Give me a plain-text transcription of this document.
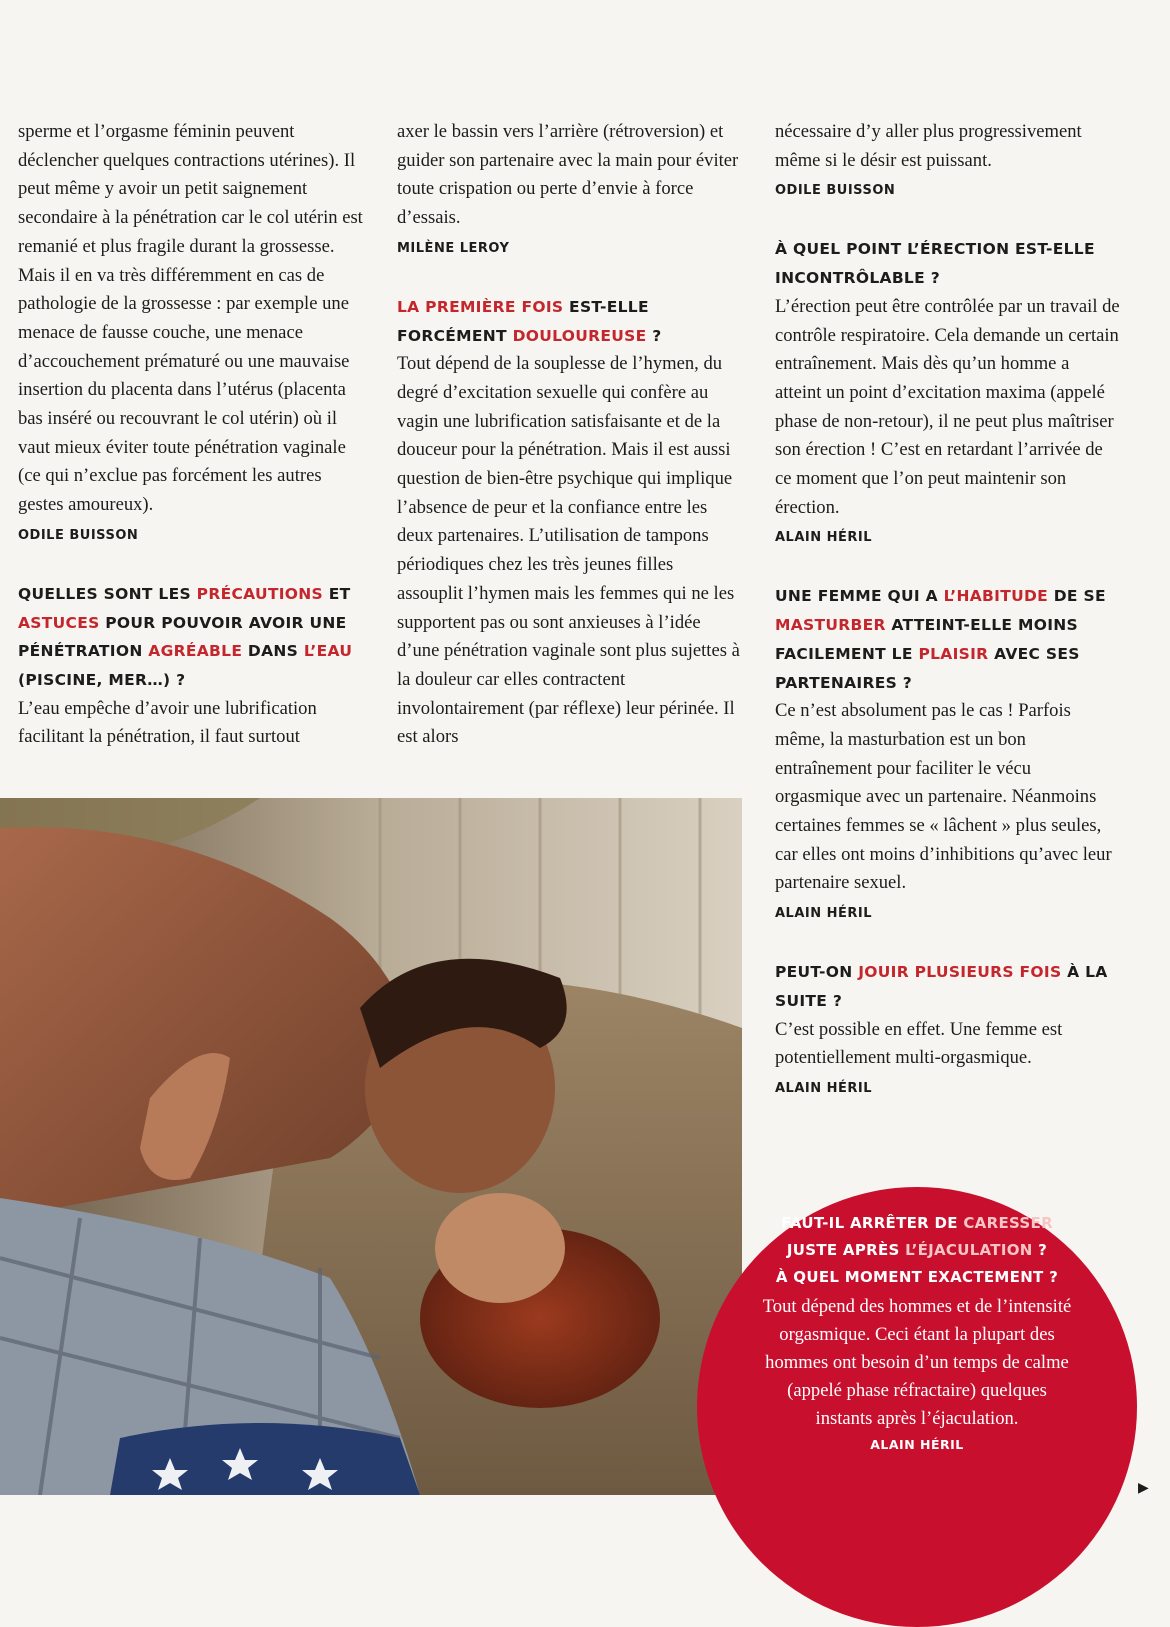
sperme et l’orgasme féminin peuvent déclencher quelques contractions utérines). Il peut même y avoir un petit saignement secondaire à la pénétration car le col utérin est remanié et plus fragile durant la grossesse. Mais il en va très différemment en cas de pathologie de la grossesse : par exemple une menace de fausse couche, une menace d’accouchement prématuré ou une mauvaise insertion du placenta dans l’utérus (placenta bas inséré ou recouvrant le col utérin) où il vaut mieux éviter toute pénétration vaginale (ce qui n’exclue pas forcément les autres gestes amoureux).

ODILE BUISSON

QUELLES SONT LES PRÉCAUTIONS ET ASTUCES POUR POUVOIR AVOIR UNE PÉNÉTRATION AGRÉABLE DANS L’EAU (PISCINE, MER…) ?

L’eau empêche d’avoir une lubrification facilitant la pénétration, il faut surtout

axer le bassin vers l’arrière (rétroversion) et guider son partenaire avec la main pour éviter toute crispation ou perte d’envie à force d’essais.

MILÈNE LEROY

LA PREMIÈRE FOIS EST-ELLE FORCÉMENT DOULOUREUSE ?

Tout dépend de la souplesse de l’hymen, du degré d’excitation sexuelle qui confère au vagin une lubrification satisfaisante et de la douceur pour la pénétration. Mais il est aussi question de bien-être psychique qui implique l’absence de peur et la confiance entre les deux partenaires. L’utilisation de tampons périodiques chez les très jeunes filles assouplit l’hymen mais les femmes qui ne les supportent pas ou sont anxieuses à l’idée d’une pénétration vaginale sont plus sujettes à la douleur car elles contractent involontairement (par réflexe) leur périnée. Il est alors

nécessaire d’y aller plus progressivement même si le désir est puissant.

ODILE BUISSON

À QUEL POINT L’ÉRECTION EST-ELLE INCONTRÔLABLE ?

L’érection peut être contrôlée par un travail de contrôle respiratoire. Cela demande un certain entraînement. Mais dès qu’un homme a atteint un point d’excitation maxima (appelé phase de non-retour), il ne peut plus maîtriser son érection ! C’est en retardant l’arrivée de ce moment que l’on peut maintenir son érection.

ALAIN HÉRIL

UNE FEMME QUI A L’HABITUDE DE SE MASTURBER ATTEINT-ELLE MOINS FACILEMENT LE PLAISIR AVEC SES PARTENAIRES ?

Ce n’est absolument pas le cas ! Parfois même, la masturbation est un bon entraînement pour faciliter le vécu orgasmique avec un partenaire. Néanmoins certaines femmes se « lâchent » plus seules, car elles ont moins d’inhibitions qu’avec leur partenaire sexuel.

ALAIN HÉRIL

PEUT-ON JOUIR PLUSIEURS FOIS À LA SUITE ?

C’est possible en effet. Une femme est potentiellement multi-orgasmique.

ALAIN HÉRIL

FAUT-IL ARRÊTER DE CARESSER
JUSTE APRÈS L’ÉJACULATION ?
À QUEL MOMENT EXACTEMENT ?
Tout dépend des hommes et de l’intensité
orgasmique. Ceci étant la plupart des
hommes ont besoin d’un temps de calme
(appelé phase réfractaire) quelques
instants après l’éjaculation.
ALAIN HÉRIL
▶
